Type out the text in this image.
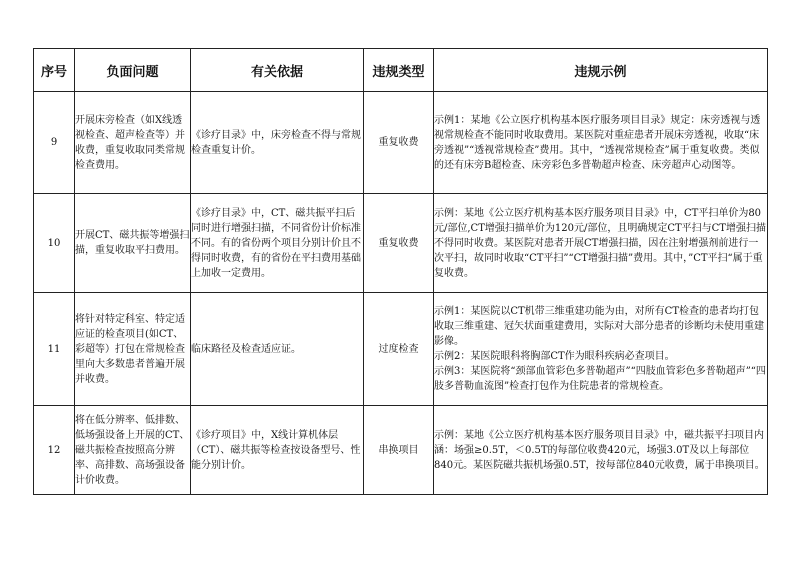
序号	负面问题	有关依据	违规类型	违规示例
9	开展床旁检查（如X线透视检查、超声检查等）并收费，重复收取同类常规检查费用。	《诊疗目录》中，床旁检查不得与常规检查重复计价。	重复收费	示例1：某地《公立医疗机构基本医疗服务项目目录》规定：床旁透视与透视常规检查不能同时收取费用。某医院对重症患者开展床旁透视，收取“床旁透视”“透视常规检查”费用。其中，“透视常规检查”属于重复收费。类似的还有床旁B超检查、床旁彩色多普勒超声检查、床旁超声心动图等。

10	开展CT、磁共振等增强扫描，重复收取平扫费用。	《诊疗目录》中，CT、磁共振平扫后同时进行增强扫描，不同省份计价标准不同。有的省份两个项目分别计价且不得同时收费，有的省份在平扫费用基础上加收一定费用。	重复收费	示例：某地《公立医疗机构基本医疗服务项目目录》中，CT平扫单价为80元/部位,CT增强扫描单价为120元/部位，且明确规定CT平扫与CT增强扫描不得同时收费。某医院对患者开展CT增强扫描，因在注射增强剂前进行一次平扫，故同时收取“CT平扫”“CT增强扫描”费用。其中，”CT平扫“属于重复收费。

11	将针对特定科室、特定适应证的检查项目(如CT、彩超等）打包在常规检查里向大多数患者普遍开展并收费。	临床路径及检查适应证。	过度检查	示例1：某医院以CT机带三维重建功能为由，对所有CT检查的患者均打包收取三维重建、冠矢状面重建费用，实际对大部分患者的诊断均未使用重建影像。
示例2：某医院眼科将胸部CT作为眼科疾病必查项目。
示例3：某医院将“颈部血管彩色多普勒超声”“四肢血管彩色多普勒超声”“四肢多普勒血流图”检查打包作为住院患者的常规检查。

12	将在低分辨率、低排数、低场强设备上开展的CT、磁共振检查按照高分辨率、高排数、高场强设备计价收费。	《诊疗项目》中，X线计算机体层（CT）、磁共振等检查按设备型号、性能分别计价。	串换项目	示例：某地《公立医疗机构基本医疗服务项目目录》中，磁共振平扫项目内涵：场强≥0.5T，＜0.5T的每部位收费420元，场强3.0T及以上每部位840元。某医院磁共振机场强0.5T，按每部位840元收费，属于串换项目。
